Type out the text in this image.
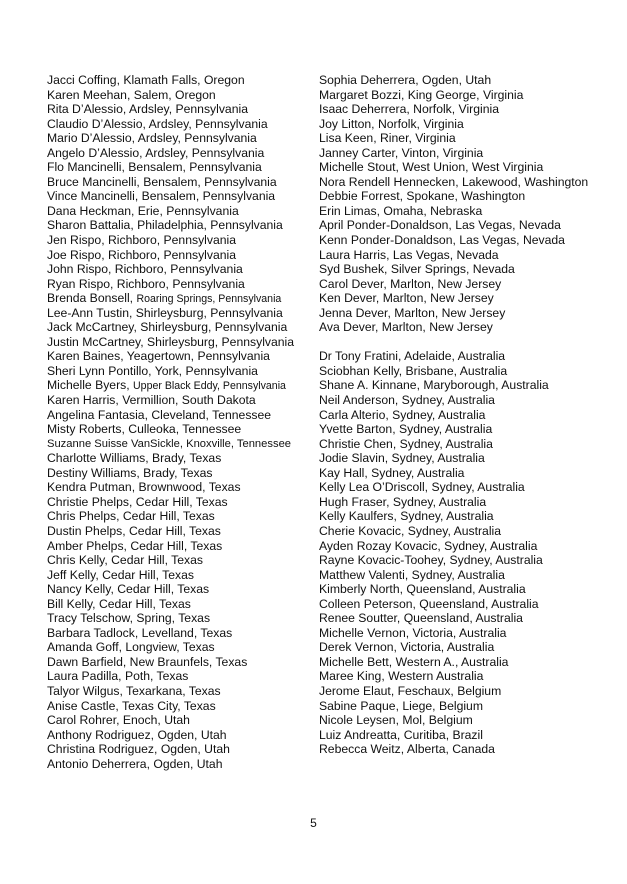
Jacci Coffing, Klamath Falls, Oregon
Karen Meehan, Salem, Oregon
Rita D’Alessio, Ardsley, Pennsylvania
Claudio D’Alessio, Ardsley, Pennsylvania
Mario D’Alessio, Ardsley, Pennsylvania
Angelo D’Alessio, Ardsley, Pennsylvania
Flo Mancinelli, Bensalem, Pennsylvania
Bruce Mancinelli, Bensalem, Pennsylvania
Vince Mancinelli, Bensalem, Pennsylvania
Dana Heckman, Erie, Pennsylvania
Sharon Battalia, Philadelphia, Pennsylvania
Jen Rispo, Richboro, Pennsylvania
Joe Rispo, Richboro, Pennsylvania
John Rispo, Richboro, Pennsylvania
Ryan Rispo, Richboro, Pennsylvania
Brenda Bonsell, Roaring Springs, Pennsylvania
Lee-Ann Tustin, Shirleysburg, Pennsylvania
Jack McCartney, Shirleysburg, Pennsylvania
Justin McCartney, Shirleysburg, Pennsylvania
Karen Baines, Yeagertown, Pennsylvania
Sheri Lynn Pontillo, York, Pennsylvania
Michelle Byers, Upper Black Eddy, Pennsylvania
Karen Harris, Vermillion, South Dakota
Angelina Fantasia, Cleveland, Tennessee
Misty Roberts, Culleoka, Tennessee
Suzanne Suisse VanSickle, Knoxville, Tennessee
Charlotte Williams, Brady, Texas
Destiny Williams, Brady, Texas
Kendra Putman, Brownwood, Texas
Christie Phelps, Cedar Hill, Texas
Chris Phelps, Cedar Hill, Texas
Dustin Phelps, Cedar Hill, Texas
Amber Phelps, Cedar Hill, Texas
Chris Kelly, Cedar Hill, Texas
Jeff Kelly, Cedar Hill, Texas
Nancy Kelly, Cedar Hill, Texas
Bill Kelly, Cedar Hill, Texas
Tracy Telschow, Spring, Texas
Barbara Tadlock, Levelland, Texas
Amanda Goff, Longview, Texas
Dawn Barfield, New Braunfels, Texas
Laura Padilla, Poth, Texas
Talyor Wilgus, Texarkana, Texas
Anise Castle, Texas City, Texas
Carol Rohrer, Enoch, Utah
Anthony Rodriguez, Ogden, Utah
Christina Rodriguez, Ogden, Utah
Antonio Deherrera, Ogden, Utah
Sophia Deherrera, Ogden, Utah
Margaret Bozzi, King George, Virginia
Isaac Deherrera, Norfolk, Virginia
Joy Litton, Norfolk, Virginia
Lisa Keen, Riner, Virginia
Janney Carter, Vinton, Virginia
Michelle Stout, West Union, West Virginia
Nora Rendell Hennecken, Lakewood, Washington
Debbie Forrest, Spokane, Washington
Erin Limas, Omaha, Nebraska
April Ponder-Donaldson, Las Vegas, Nevada
Kenn Ponder-Donaldson, Las Vegas, Nevada
Laura Harris, Las Vegas, Nevada
Syd Bushek, Silver Springs, Nevada
Carol Dever, Marlton, New Jersey
Ken Dever, Marlton, New Jersey
Jenna Dever, Marlton, New Jersey
Ava Dever, Marlton, New Jersey
Dr Tony Fratini, Adelaide, Australia
Sciobhan Kelly, Brisbane, Australia
Shane A. Kinnane, Maryborough, Australia
Neil Anderson, Sydney, Australia
Carla Alterio, Sydney, Australia
Yvette Barton, Sydney, Australia
Christie Chen, Sydney, Australia
Jodie Slavin, Sydney, Australia
Kay Hall, Sydney, Australia
Kelly Lea O’Driscoll, Sydney, Australia
Hugh Fraser, Sydney, Australia
Kelly Kaulfers, Sydney, Australia
Cherie Kovacic, Sydney, Australia
Ayden Rozay Kovacic, Sydney, Australia
Rayne Kovacic-Toohey, Sydney, Australia
Matthew Valenti, Sydney, Australia
Kimberly North, Queensland, Australia
Colleen Peterson, Queensland, Australia
Renee Soutter, Queensland, Australia
Michelle Vernon, Victoria, Australia
Derek Vernon, Victoria, Australia
Michelle Bett, Western A., Australia
Maree King, Western Australia
Jerome Elaut, Feschaux, Belgium
Sabine Paque, Liege, Belgium
Nicole Leysen, Mol, Belgium
Luiz Andreatta, Curitiba, Brazil
Rebecca Weitz, Alberta, Canada
5
